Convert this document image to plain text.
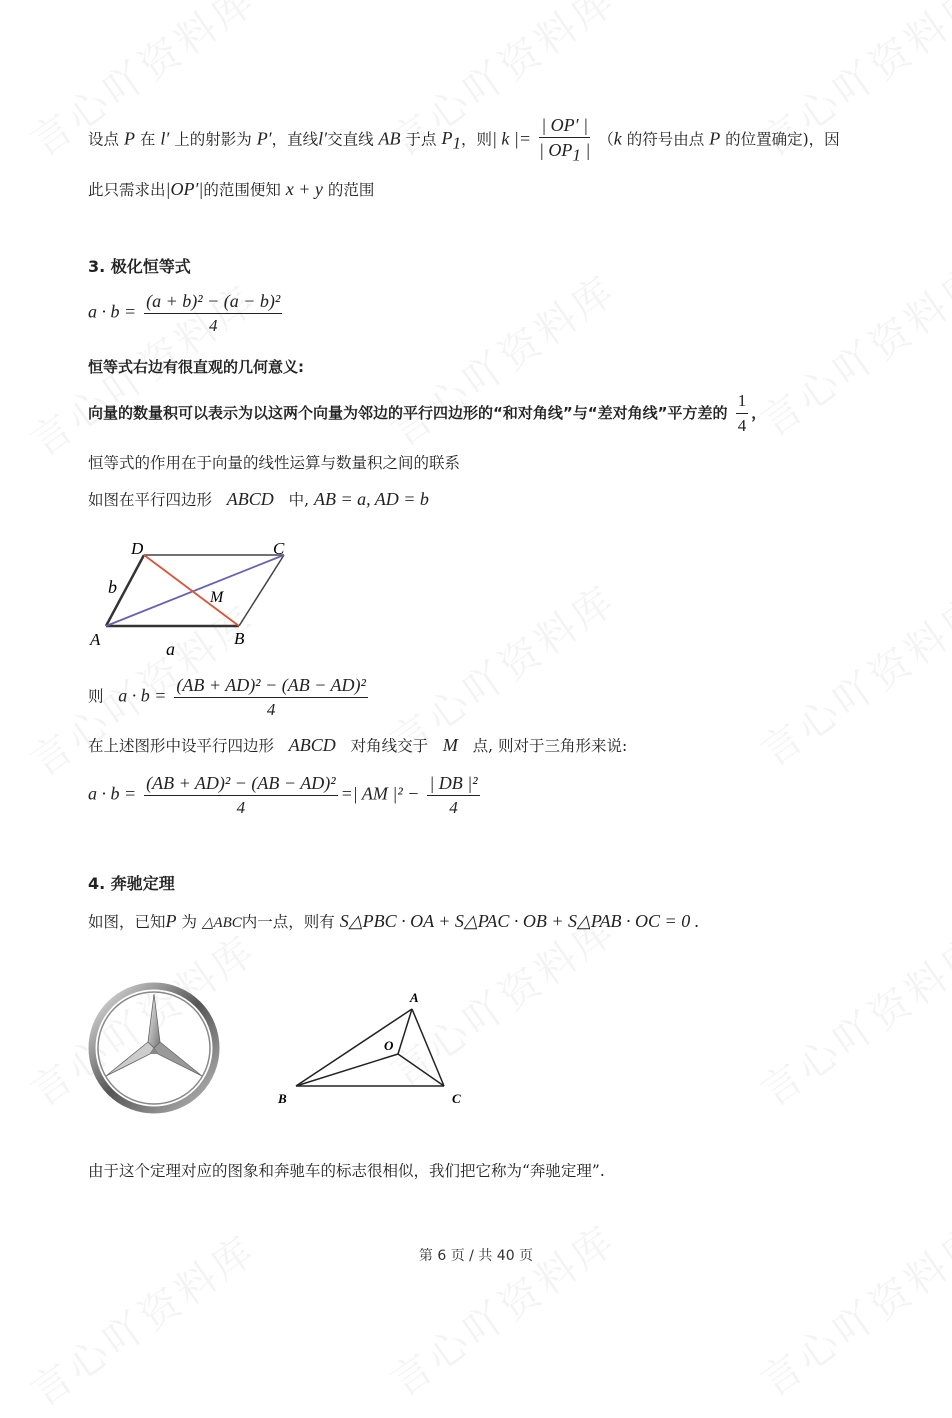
设点 P 在 l′ 上的射影为 P′，直线l′交直线 AB 于点 $P_1$，则| k |= $\frac{| OP' |}{| OP_1 |} (k$ 的符号由点 P 的位置确定)，因
此只需求出|OP′|的范围便知 x + y 的范围
3. 极化恒等式
$a \cdot b = \frac{\text{(a + b)² − (a − b)²}}{4}$
恒等式右边有很直观的几何意义:
向量的数量积可以表示为以这两个向量为邻边的平行四边形的“和对角线”与“差对角线”平方差的 $\frac{1}{4}$ ，
恒等式的作用在于向量的线性运算与数量积之间的联系
如图在平行四边形 ABCD 中, AB = a, AD = b
D	C
A	B
M
b
a
则 $a \cdot b = \frac{\text{(AB + AD)² − (AB − AD)²}}{4}$
在上述图形中设平行四边形 ABCD 对角线交于 M 点, 则对于三角形来说:
$a \cdot b = \frac{\text{(AB + AD)² − (AB − AD)²}}{4}$ =| AM $|^2 - \frac{\text{| DB |²}}{4}$
4. 奔驰定理
如图，已知P 为 △ABC内一点，则有 S△PBC · OA + S△PAC · OB + S△PAB · OC = 0 .
A
O
B	C
由于这个定理对应的图象和奔驰车的标志很相似，我们把它称为“奔驰定理”.
第 6 页 / 共 40 页
